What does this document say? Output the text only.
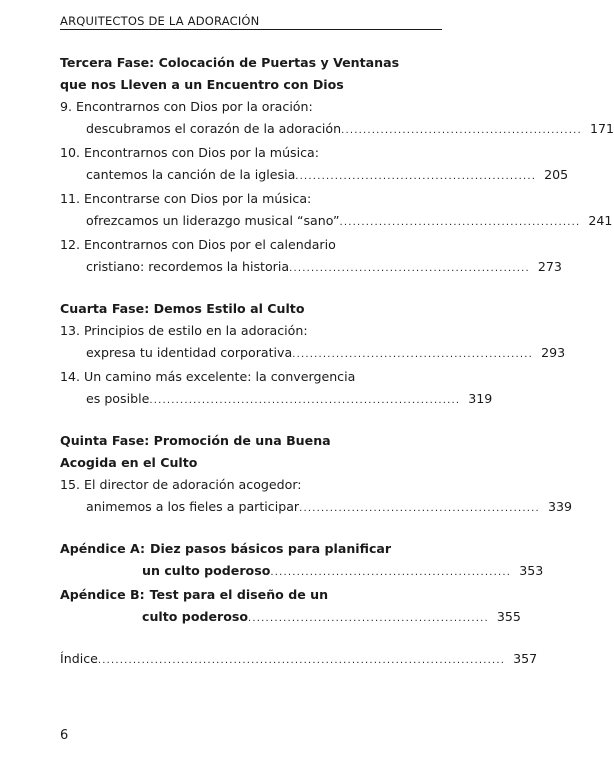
ARQUITECTOS DE LA ADORACIÓN
Tercera Fase: Colocación de Puertas y Ventanas
que nos Lleven a un Encuentro con Dios
9. Encontrarnos con Dios por la oración:
descubramos el corazón de la adoración ....................................................... 171
10. Encontrarnos con Dios por la música:
cantemos la canción de la iglesia ....................................................... 205
11. Encontrarse con Dios por la música:
ofrezcamos un liderazgo musical “sano” ....................................................... 241
12. Encontrarnos con Dios por el calendario
cristiano: recordemos la historia ....................................................... 273
Cuarta Fase: Demos Estilo al Culto
13. Principios de estilo en la adoración:
expresa tu identidad corporativa ....................................................... 293
14. Un camino más excelente: la convergencia
es posible ....................................................................... 319
Quinta Fase: Promoción de una Buena
Acogida en el Culto
15. El director de adoración acogedor:
animemos a los fieles a participar ....................................................... 339
Apéndice A: Diez pasos básicos para planificar
un culto poderoso ....................................................... 353
Apéndice B: Test para el diseño de un
culto poderoso ....................................................... 355
Índice ............................................................................................. 357
6
